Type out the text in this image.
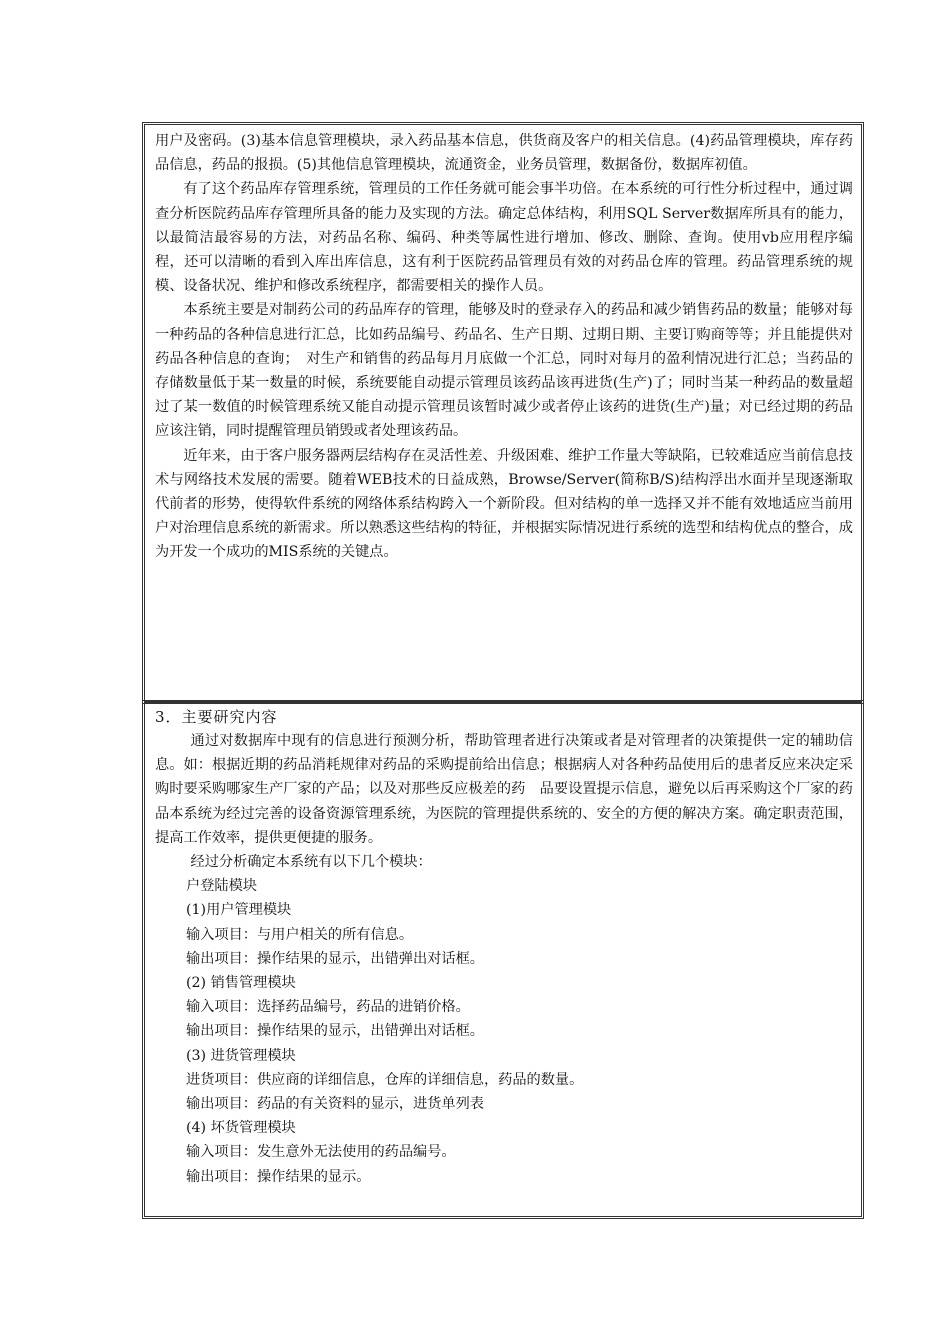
用户及密码。(3)基本信息管理模块，录入药品基本信息，供货商及客户的相关信息。(4)药品管理模块，库存药品信息，药品的报损。(5)其他信息管理模块，流通资金，业务员管理，数据备份，数据库初值。

有了这个药品库存管理系统，管理员的工作任务就可能会事半功倍。在本系统的可行性分析过程中，通过调查分析医院药品库存管理所具备的能力及实现的方法。确定总体结构，利用SQL Server数据库所具有的能力，以最简洁最容易的方法，对药品名称、编码、种类等属性进行增加、修改、删除、查询。使用vb应用程序编程，还可以清晰的看到入库出库信息，这有利于医院药品管理员有效的对药品仓库的管理。药品管理系统的规模、设备状况、维护和修改系统程序，都需要相关的操作人员。

本系统主要是对制药公司的药品库存的管理，能够及时的登录存入的药品和减少销售药品的数量；能够对每一种药品的各种信息进行汇总，比如药品编号、药品名、生产日期、过期日期、主要订购商等等；并且能提供对药品各种信息的查询；　对生产和销售的药品每月月底做一个汇总，同时对每月的盈利情况进行汇总；当药品的存储数量低于某一数量的时候，系统要能自动提示管理员该药品该再进货(生产)了；同时当某一种药品的数量超过了某一数值的时候管理系统又能自动提示管理员该暂时减少或者停止该药的进货(生产)量；对已经过期的药品应该注销，同时提醒管理员销毁或者处理该药品。

近年来，由于客户服务器两层结构存在灵活性差、升级困难、维护工作量大等缺陷，已较难适应当前信息技术与网络技术发展的需要。随着WEB技术的日益成熟，Browse/Server(简称B/S)结构浮出水面并呈现逐渐取代前者的形势，使得软件系统的网络体系结构跨入一个新阶段。但对结构的单一选择又并不能有效地适应当前用户对治理信息系统的新需求。所以熟悉这些结构的特征，并根据实际情况进行系统的选型和结构优点的整合，成为开发一个成功的MIS系统的关键点。

3．主要研究内容

通过对数据库中现有的信息进行预测分析，帮助管理者进行决策或者是对管理者的决策提供一定的辅助信息。如：根据近期的药品消耗规律对药品的采购提前给出信息；根据病人对各种药品使用后的患者反应来决定采购时要采购哪家生产厂家的产品；以及对那些反应极差的药　品要设置提示信息，避免以后再采购这个厂家的药品本系统为经过完善的设备资源管理系统，为医院的管理提供系统的、安全的方便的解决方案。确定职责范围，提高工作效率，提供更便捷的服务。

经过分析确定本系统有以下几个模块：

户登陆模块
(1)用户管理模块
输入项目：与用户相关的所有信息。
输出项目：操作结果的显示，出错弹出对话框。
(2) 销售管理模块
输入项目：选择药品编号，药品的进销价格。
输出项目：操作结果的显示，出错弹出对话框。
(3) 进货管理模块
进货项目：供应商的详细信息，仓库的详细信息，药品的数量。
输出项目：药品的有关资料的显示，进货单列表
(4) 坏货管理模块
输入项目：发生意外无法使用的药品编号。
输出项目：操作结果的显示。
